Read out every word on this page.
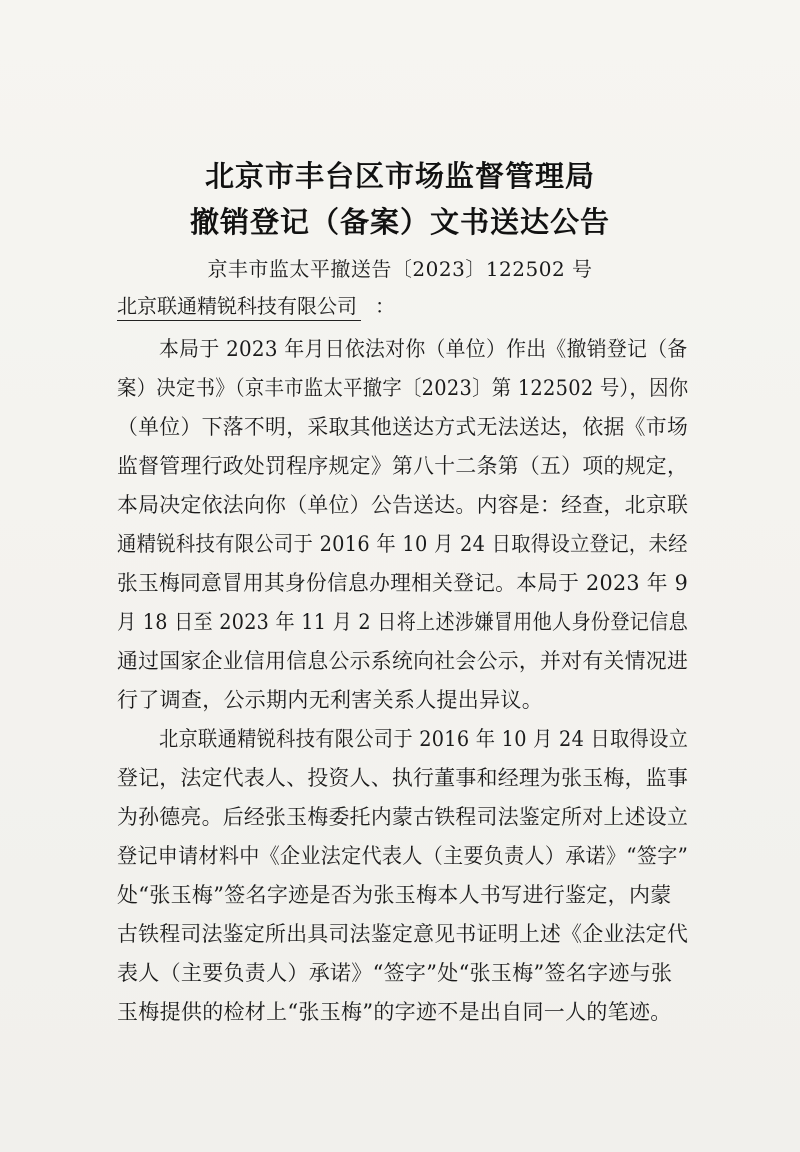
北京市丰台区市场监督管理局
撤销登记（备案）文书送达公告
京丰市监太平撤送告〔2023〕122502 号
北京联通精锐科技有限公司 ：
本局于 2023 年月日依法对你（单位）作出《撤销登记（备
案）决定书》（京丰市监太平撤字〔2023〕第 122502 号），因你
（单位）下落不明，采取其他送达方式无法送达，依据《市场
监督管理行政处罚程序规定》第八十二条第（五）项的规定，
本局决定依法向你（单位）公告送达。内容是：经查，北京联
通精锐科技有限公司于 2016 年 10 月 24 日取得设立登记，未经
张玉梅同意冒用其身份信息办理相关登记。本局于 2023 年 9
月 18 日至 2023 年 11 月 2 日将上述涉嫌冒用他人身份登记信息
通过国家企业信用信息公示系统向社会公示，并对有关情况进
行了调查，公示期内无利害关系人提出异议。
北京联通精锐科技有限公司于 2016 年 10 月 24 日取得设立
登记，法定代表人、投资人、执行董事和经理为张玉梅，监事
为孙德亮。后经张玉梅委托内蒙古铁程司法鉴定所对上述设立
登记申请材料中《企业法定代表人（主要负责人）承诺》“签字”
处“张玉梅”签名字迹是否为张玉梅本人书写进行鉴定，内蒙
古铁程司法鉴定所出具司法鉴定意见书证明上述《企业法定代
表人（主要负责人）承诺》“签字”处“张玉梅”签名字迹与张
玉梅提供的检材上“张玉梅”的字迹不是出自同一人的笔迹。
